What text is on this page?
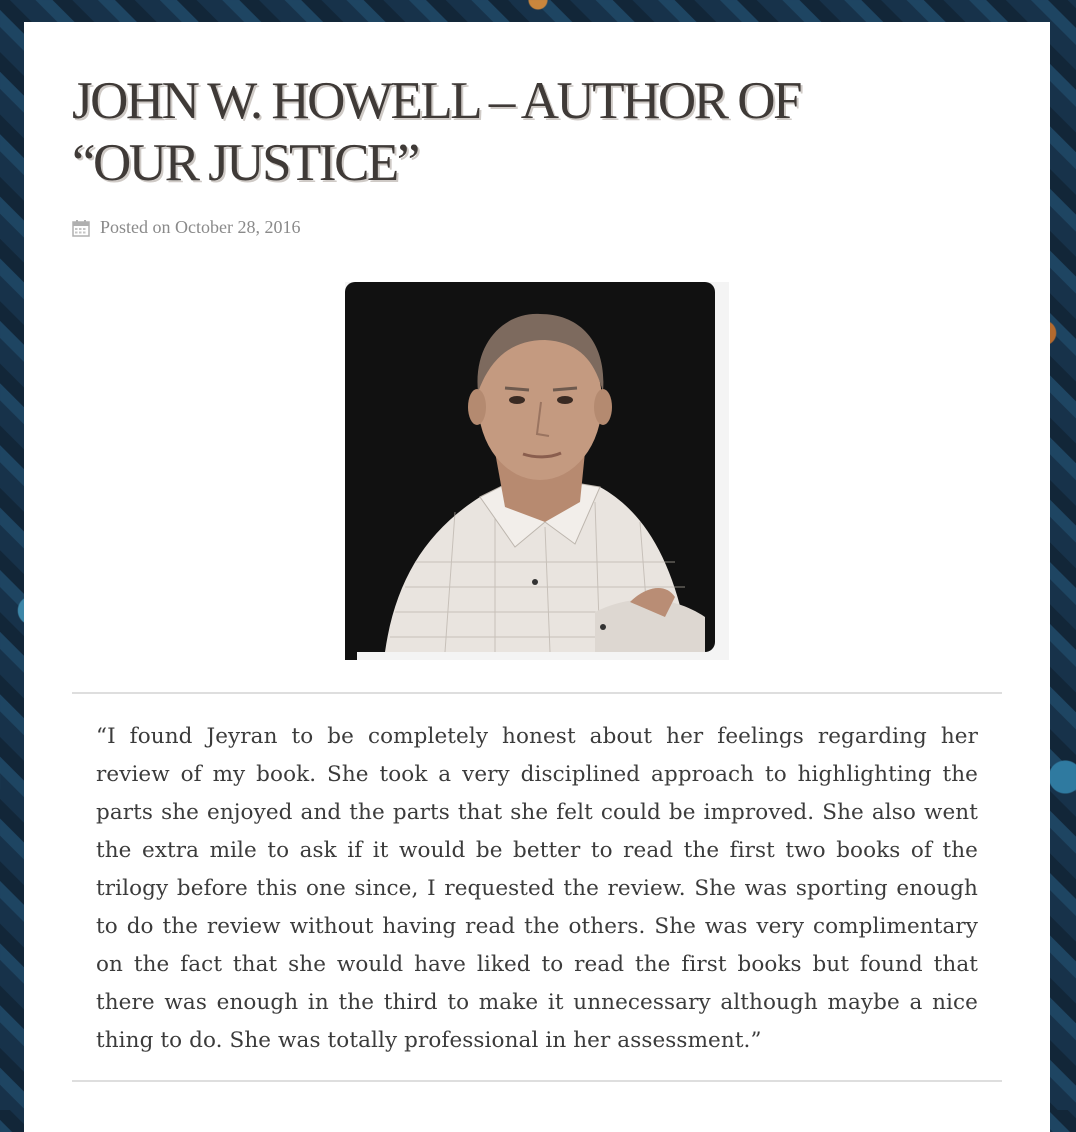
JOHN W. HOWELL – AUTHOR OF “OUR JUSTICE”
Posted on October 28, 2016

“I found Jeyran to be completely honest about her feelings regarding her review of my book. She took a very disciplined approach to highlighting the parts she enjoyed and the parts that she felt could be improved. She also went the extra mile to ask if it would be better to read the first two books of the trilogy before this one since, I requested the review. She was sporting enough to do the review without having read the others. She was very complimentary on the fact that she would have liked to read the first books but found that there was enough in the third to make it unnecessary although maybe a nice thing to do. She was totally professional in her assessment.”
